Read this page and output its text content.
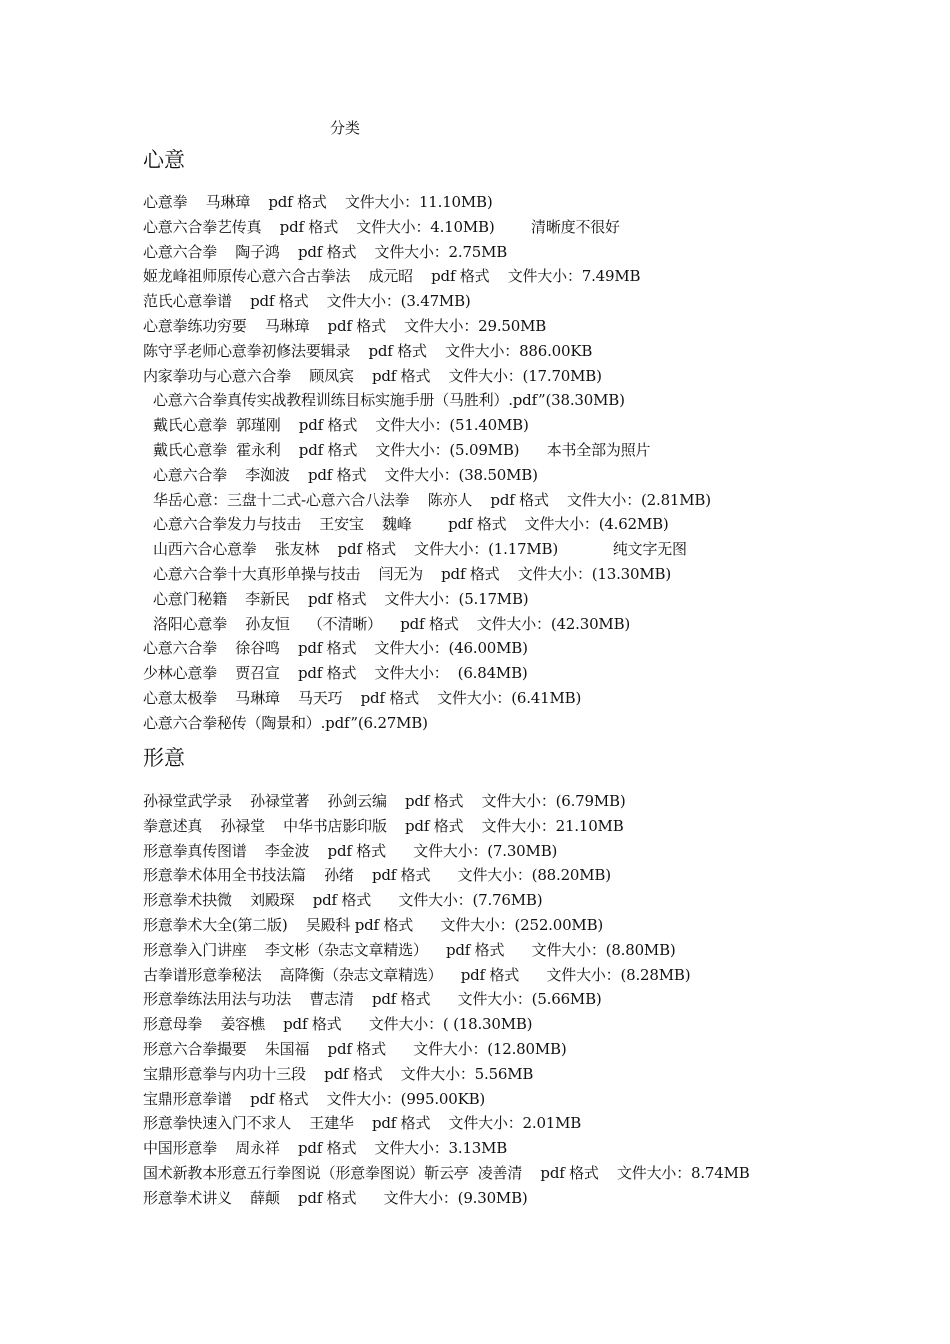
分类
心意
心意拳    马琳璋    pdf 格式    文件大小：11.10MB)
心意六合拳艺传真    pdf 格式    文件大小：4.10MB)        清晰度不很好
心意六合拳    陶子鸿    pdf 格式    文件大小：2.75MB
姬龙峰祖师原传心意六合古拳法    成元昭    pdf 格式    文件大小：7.49MB
范氏心意拳谱    pdf 格式    文件大小：(3.47MB)
心意拳练功穷要    马琳璋    pdf 格式    文件大小：29.50MB
陈守孚老师心意拳初修法要辑录    pdf 格式    文件大小：886.00KB
内家拳功与心意六合拳    顾凤宾    pdf 格式    文件大小：(17.70MB)
心意六合拳真传实战教程训练目标实施手册（马胜利）.pdf”(38.30MB)
戴氏心意拳  郭瑾刚    pdf 格式    文件大小：(51.40MB)
戴氏心意拳  霍永利    pdf 格式    文件大小：(5.09MB)      本书全部为照片
心意六合拳    李洳波    pdf 格式    文件大小：(38.50MB)
华岳心意：三盘十二式-心意六合八法拳    陈亦人    pdf 格式    文件大小：(2.81MB)
心意六合拳发力与技击    王安宝    魏峰        pdf 格式    文件大小：(4.62MB)
山西六合心意拳    张友林    pdf 格式    文件大小：(1.17MB)            纯文字无图
心意六合拳十大真形单操与技击    闫无为    pdf 格式    文件大小：(13.30MB)
心意门秘籍    李新民    pdf 格式    文件大小：(5.17MB)
洛阳心意拳    孙友恒    （不清晰）    pdf 格式    文件大小：(42.30MB)
心意六合拳    徐谷鸣    pdf 格式    文件大小：(46.00MB)
少林心意拳    贾召宣    pdf 格式    文件大小：  (6.84MB)
心意太极拳    马琳璋    马天巧    pdf 格式    文件大小：(6.41MB)
心意六合拳秘传（陶景和）.pdf”(6.27MB)
形意
孙禄堂武学录    孙禄堂著    孙剑云编    pdf 格式    文件大小：(6.79MB)
拳意述真    孙禄堂    中华书店影印版    pdf 格式    文件大小：21.10MB
形意拳真传图谱    李金波    pdf 格式      文件大小：(7.30MB)
形意拳术体用全书技法篇    孙绪    pdf 格式      文件大小：(88.20MB)
形意拳术抉微    刘殿琛    pdf 格式      文件大小：(7.76MB)
形意拳术大全(第二版)    吴殿科 pdf 格式      文件大小：(252.00MB)
形意拳入门讲座    李文彬（杂志文章精选）    pdf 格式      文件大小：(8.80MB)
古拳谱形意拳秘法    高降衡（杂志文章精选）    pdf 格式      文件大小：(8.28MB)
形意拳练法用法与功法    曹志清    pdf 格式      文件大小：(5.66MB)
形意母拳    姜容樵    pdf 格式      文件大小：( (18.30MB)
形意六合拳撮要    朱国福    pdf 格式      文件大小：(12.80MB)
宝鼎形意拳与内功十三段    pdf 格式    文件大小：5.56MB
宝鼎形意拳谱    pdf 格式    文件大小：(995.00KB)
形意拳快速入门不求人    王建华    pdf 格式    文件大小：2.01MB
中国形意拳    周永祥    pdf 格式    文件大小：3.13MB
国术新教本形意五行拳图说（形意拳图说）靳云亭  凌善清    pdf 格式    文件大小：8.74MB
形意拳术讲义    薛颠    pdf 格式      文件大小：(9.30MB)
